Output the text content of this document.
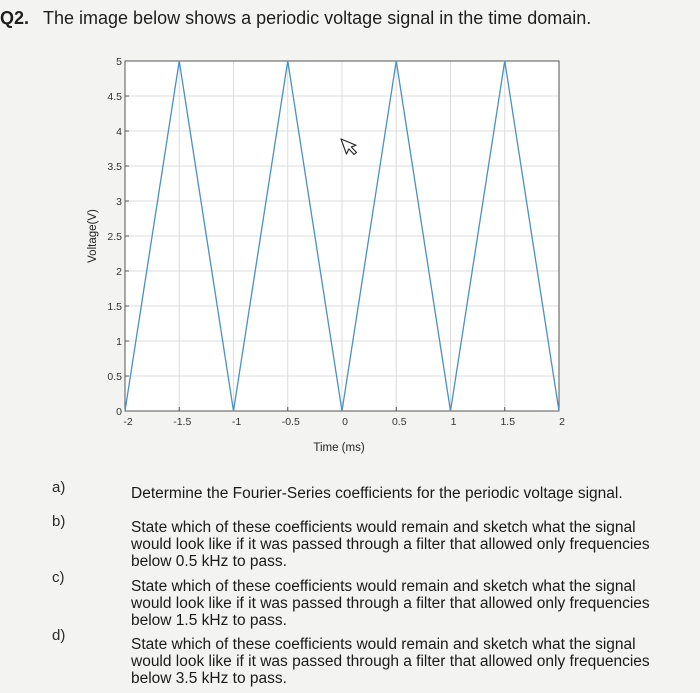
Q2. The image below shows a periodic voltage signal in the time domain.
-2	-1.5	-1	-0.5	0	0.5	1	1.5	2
0
0.5
1
1.5
2
2.5
3
3.5
4
4.5
5
Time (ms)
Voltage(V)
a)	Determine the Fourier-Series coefficients for the periodic voltage signal.
b)	State which of these coefficients would remain and sketch what the signal would look like if it was passed through a filter that allowed only frequencies below 0.5 kHz to pass.
c)
State which of these coefficients would remain and sketch what the signal would look like if it was passed through a filter that allowed only frequencies below 1.5 kHz to pass.
d)
State which of these coefficients would remain and sketch what the signal would look like if it was passed through a filter that allowed only frequencies below 3.5 kHz to pass.
